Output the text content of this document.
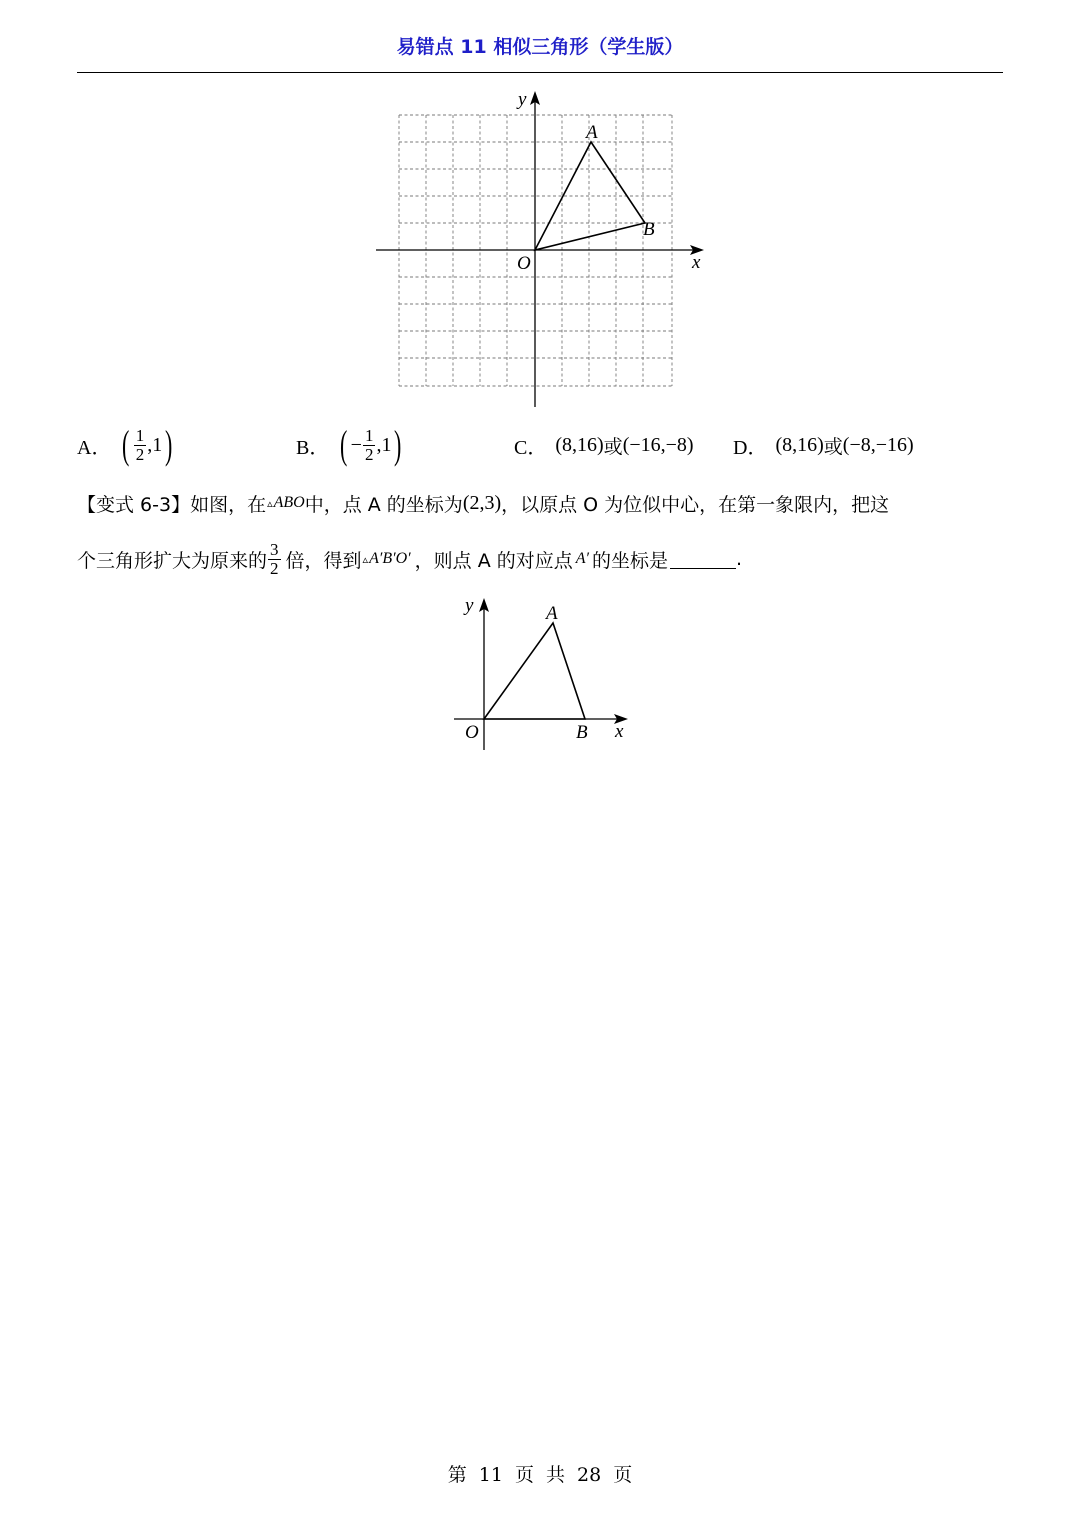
易错点 11 相似三角形（学生版）
y
x
O
A
B
A． ( $\frac{1}{2} ,1$ )	B． ( − $\frac{1}{2} ,1$ )	C． (8,16) 或 (−16,−8) D． (8,16) 或 (−8,−16)
【变式 6-3】 如图，在 ▵ ABO 中，点 A 的坐标为 (2,3) ，以原点 O 为位似中心，在第一象限内，把这
个三角形扩大为原来的 $\frac{3}{2}$ 倍，得到 ▵ A′B′O′ ，则点 A 的对应点 A′ 的坐标是	.
y
x
O
A
B
第 11 页 共 28 页
